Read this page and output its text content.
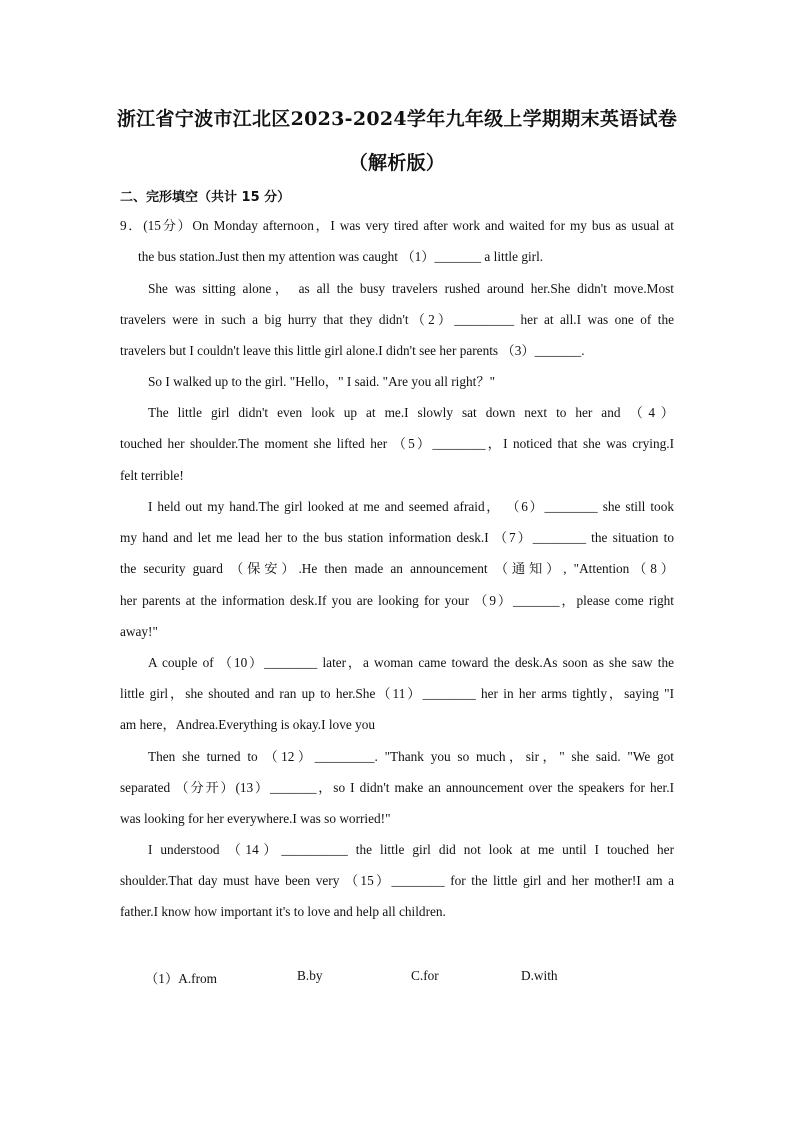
浙江省宁波市江北区2023-2024学年九年级上学期期末英语试卷
（解析版）
二、完形填空（共计 15 分）
9．(15分）On Monday afternoon，I was very tired after work and waited for my bus as usual at
the bus station.Just then my attention was caught （1）_______ a little girl.
She was sitting alone， as all the busy travelers rushed around her.She didn't move.Most
travelers were in such a big hurry that they didn't（2）_________ her at all.I was one of the
travelers but I couldn't leave this little girl alone.I didn't see her parents （3）_______.
So I walked up to the girl. "Hello，" I said. "Are you all right？"
The little girl didn't even look up at me.I slowly sat down next to her and （4）
touched her shoulder.The moment she lifted her （5）________，I noticed that she was crying.I
felt terrible!
I held out my hand.The girl looked at me and seemed afraid， （6）________ she still took
my hand and let me lead her to the bus station information desk.I （7）________ the situation to
the security guard （保安）.He then made an announcement （通知）, "Attention（8）
her parents at the information desk.If you are looking for your （9）_______，please come right
away!"
A couple of （10）________ later，a woman came toward the desk.As soon as she saw the
little girl，she shouted and ran up to her.She（11）________ her in her arms tightly，saying "I
am here，Andrea.Everything is okay.I love you
Then she turned to （12）_________. "Thank you so much，sir，" she said. "We got
separated （分开）(13）_______，so I didn't make an announcement over the speakers for her.I
was looking for her everywhere.I was so worried!"
I understood （14）__________ the little girl did not look at me until I touched her
shoulder.That day must have been very （15）________ for the little girl and her mother!I am a
father.I know how important it's to love and help all children.
（1）A.from	B.by	C.for	D.with
